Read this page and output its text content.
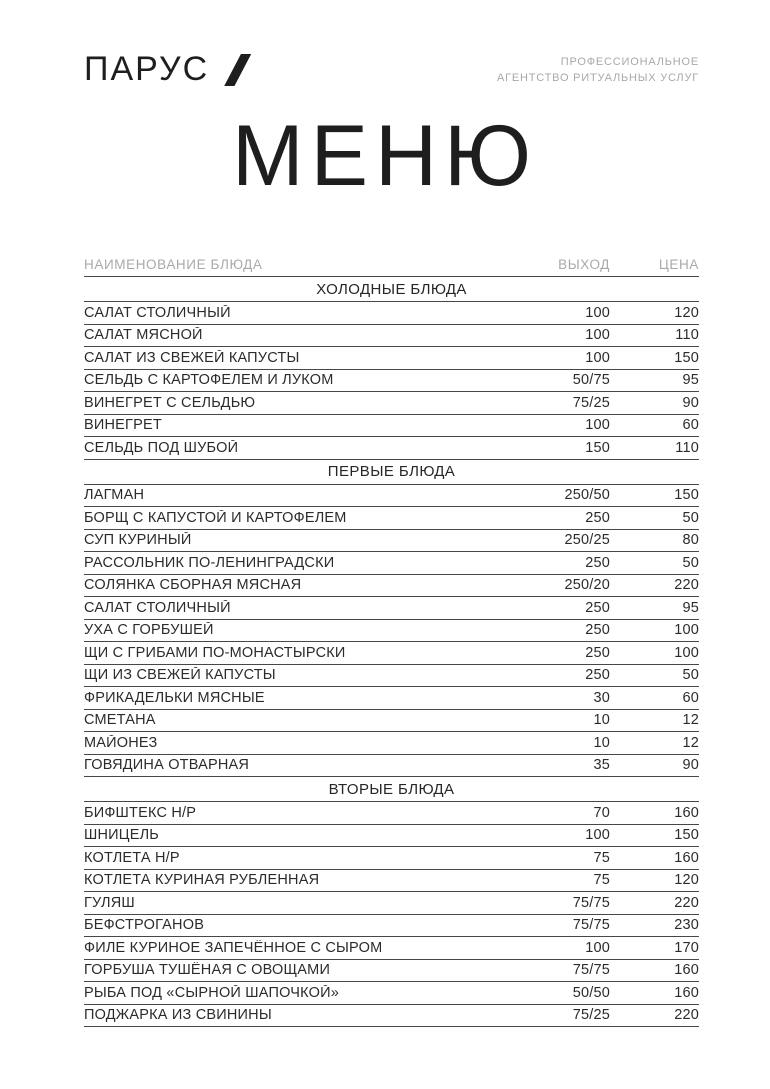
ПАРУС	ПРОФЕССИОНАЛЬНОЕ
АГЕНТСТВО РИТУАЛЬНЫХ УСЛУГ
МЕНЮ
НАИМЕНОВАНИЕ БЛЮДА	ВЫХОД	ЦЕНА
ХОЛОДНЫЕ БЛЮДА
САЛАТ СТОЛИЧНЫЙ	100	120
САЛАТ МЯСНОЙ	100	110
САЛАТ ИЗ СВЕЖЕЙ КАПУСТЫ	100	150
СЕЛЬДЬ С КАРТОФЕЛЕМ И ЛУКОМ	50/75	95
ВИНЕГРЕТ С СЕЛЬДЬЮ	75/25	90
ВИНЕГРЕТ	100	60
СЕЛЬДЬ ПОД ШУБОЙ	150	110
ПЕРВЫЕ БЛЮДА
ЛАГМАН	250/50	150
БОРЩ С КАПУСТОЙ И КАРТОФЕЛЕМ	250	50
СУП КУРИНЫЙ	250/25	80
РАССОЛЬНИК ПО-ЛЕНИНГРАДСКИ	250	50
СОЛЯНКА СБОРНАЯ МЯСНАЯ	250/20	220
САЛАТ СТОЛИЧНЫЙ	250	95
УХА С ГОРБУШЕЙ	250	100
ЩИ С ГРИБАМИ ПО-МОНАСТЫРСКИ	250	100
ЩИ ИЗ СВЕЖЕЙ КАПУСТЫ	250	50
ФРИКАДЕЛЬКИ МЯСНЫЕ	30	60
СМЕТАНА	10	12
МАЙОНЕЗ	10	12
ГОВЯДИНА ОТВАРНАЯ	35	90
ВТОРЫЕ БЛЮДА
БИФШТЕКС Н/Р	70	160
ШНИЦЕЛЬ	100	150
КОТЛЕТА Н/Р	75	160
КОТЛЕТА КУРИНАЯ РУБЛЕННАЯ	75	120
ГУЛЯШ	75/75	220
БЕФСТРОГАНОВ	75/75	230
ФИЛЕ КУРИНОЕ ЗАПЕЧЁННОЕ С СЫРОМ	100	170
ГОРБУША ТУШЁНАЯ С ОВОЩАМИ	75/75	160
РЫБА ПОД «СЫРНОЙ ШАПОЧКОЙ»	50/50	160
ПОДЖАРКА ИЗ СВИНИНЫ	75/25	220
